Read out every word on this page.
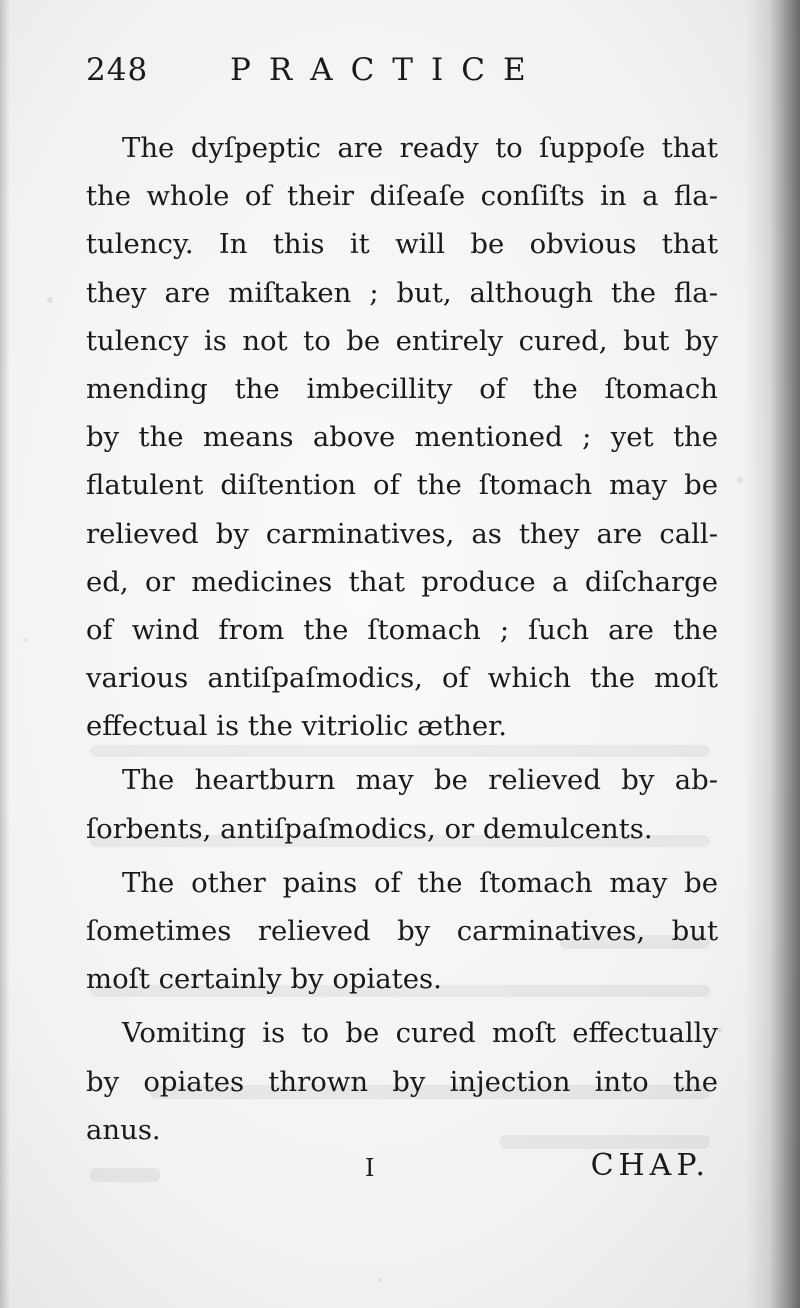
248	PRACTICE
The dyſpeptic are ready to ſuppoſe that
the whole of their diſeaſe conſiſts in a fla-
tulency. In this it will be obvious that
they are miſtaken ; but, although the fla-
tulency is not to be entirely cured, but by
mending the imbecillity of the ſtomach
by the means above mentioned ; yet the
flatulent diſtention of the ſtomach may be
relieved by carminatives, as they are call-
ed, or medicines that produce a diſcharge
of wind from the ſtomach ; ſuch are the
various antiſpaſmodics, of which the moſt
effectual is the vitriolic æther.
The heartburn may be relieved by ab-
ſorbents, antiſpaſmodics, or demulcents.
The other pains of the ſtomach may be
ſometimes relieved by carminatives, but
moſt certainly by opiates.
Vomiting is to be cured moſt effectually
by opiates thrown by injection into the
anus.
I	CHAP.
